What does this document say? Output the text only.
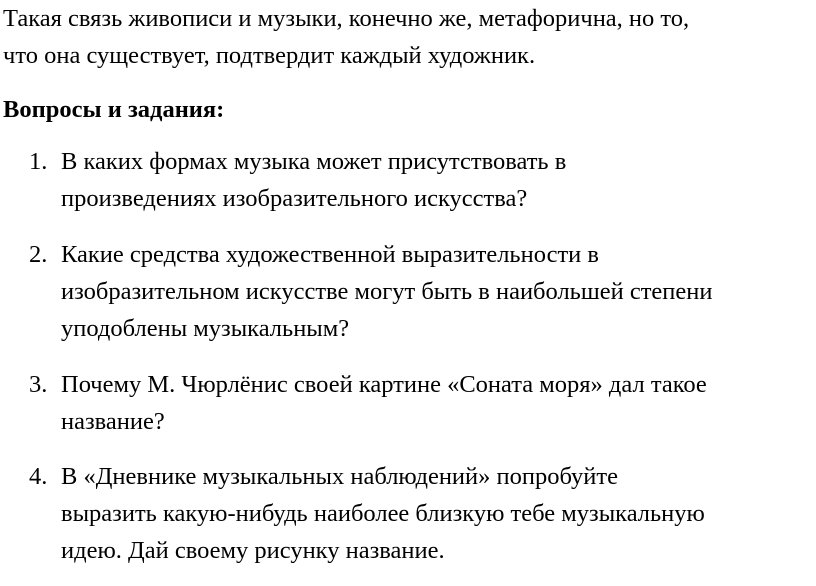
Такая связь живописи и музыки, конечно же, метафорична, но то,
что она существует, подтвердит каждый художник.

Вопросы и задания:
1. В каких формах музыка может присутствовать в
произведениях изобразительного искусства?
2. Какие средства художественной выразительности в
изобразительном искусстве могут быть в наибольшей степени
уподоблены музыкальным?
3. Почему М. Чюрлёнис своей картине «Соната моря» дал такое
название?
4. В «Дневнике музыкальных наблюдений» попробуйте
выразить какую-нибудь наиболее близкую тебе музыкальную
идею. Дай своему рисунку название.
